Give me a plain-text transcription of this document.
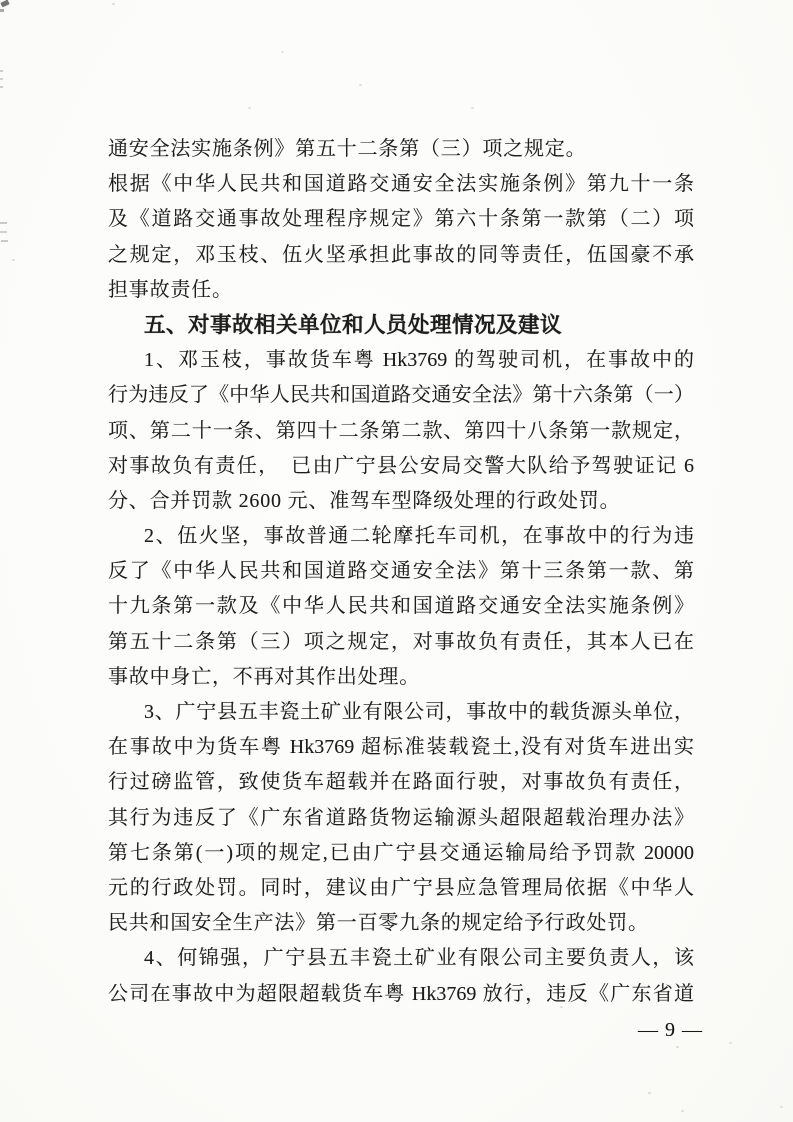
通安全法实施条例》第五十二条第（三）项之规定。
根据《中华人民共和国道路交通安全法实施条例》第九十一条
及《道路交通事故处理程序规定》第六十条第一款第（二）项
之规定，邓玉枝、伍火坚承担此事故的同等责任，伍国豪不承
担事故责任。
五、对事故相关单位和人员处理情况及建议
1、邓玉枝，事故货车粤 Hk3769 的驾驶司机，在事故中的
行为违反了《中华人民共和国道路交通安全法》第十六条第（一）
项、第二十一条、第四十二条第二款、第四十八条第一款规定，
对事故负有责任，　已由广宁县公安局交警大队给予驾驶证记 6
分、合并罚款 2600 元、准驾车型降级处理的行政处罚。
2、伍火坚，事故普通二轮摩托车司机，在事故中的行为违
反了《中华人民共和国道路交通安全法》第十三条第一款、第
十九条第一款及《中华人民共和国道路交通安全法实施条例》
第五十二条第（三）项之规定，对事故负有责任，其本人已在
事故中身亡，不再对其作出处理。
3、广宁县五丰瓷土矿业有限公司，事故中的载货源头单位，
在事故中为货车粤 Hk3769 超标准装载瓷土,没有对货车进出实
行过磅监管，致使货车超载并在路面行驶，对事故负有责任，
其行为违反了《广东省道路货物运输源头超限超载治理办法》
第七条第(一)项的规定,已由广宁县交通运输局给予罚款 20000
元的行政处罚。同时，建议由广宁县应急管理局依据《中华人
民共和国安全生产法》第一百零九条的规定给予行政处罚。
4、何锦强，广宁县五丰瓷土矿业有限公司主要负责人，该
公司在事故中为超限超载货车粤 Hk3769 放行，违反《广东省道
— 9 —
